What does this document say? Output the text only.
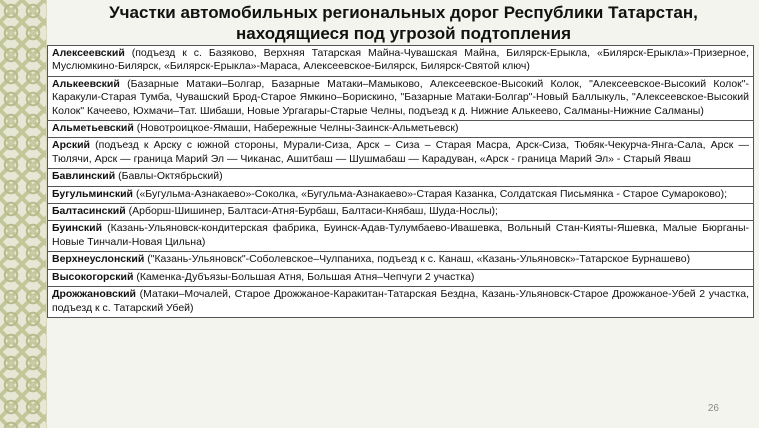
Участки автомобильных региональных дорог Республики Татарстан,
находящиеся под угрозой подтопления
Алексеевский (подъезд к с. Базяково, Верхняя Татарская Майна-Чувашская Майна, Билярск-Ерыкла, «Билярск-Ерыкла»-Призерное, Муслюмкино-Билярск, «Билярск-Ерыкла»-Мараса, Алексеевское-Билярск, Билярск-Святой ключ)
Алькеевский (Базарные Матаки–Болгар, Базарные Матаки–Мамыково, Алексеевское-Высокий Колок, "Алексеевское-Высокий Колок"-Каракули-Старая Тумба, Чувашский Брод-Старое Ямкино–Борискино, "Базарные Матаки-Болгар"-Новый Баллыкуль, "Алексеевское-Высокий Колок" Качеево, Юхмачи–Тат. Шибаши, Новые Ургагары-Старые Челны, подъезд к д. Нижние Алькеево, Салманы-Нижние Салманы)
Альметьевский (Новотроицкое-Ямаши, Набережные Челны-Заинск-Альметьевск)
Арский (подъезд к Арску с южной стороны, Мурали-Сиза, Арск – Сиза – Старая Масра, Арск-Сиза, Тюбяк-Чекурча-Янга-Сала, Арск — Тюлячи, Арск — граница Марий Эл — Чиканас, Ашитбаш — Шушмабаш — Карадуван, «Арск - граница Марий Эл» - Старый Яваш
Бавлинский (Бавлы-Октябрьский)
Бугульминский («Бугульма-Азнакаево»-Соколка, «Бугульма-Азнакаево»-Старая Казанка, Солдатская Письмянка - Старое Сумароково);
Балтасинский (Арборш-Шишинер, Балтаси-Атня-Бурбаш, Балтаси-Княбаш, Шуда-Нослы);
Буинский (Казань-Ульяновск-кондитерская фабрика, Буинск-Адав-Тулумбаево-Ивашевка, Вольный Стан-Кияты-Яшевка, Малые Бюрганы-Новые Тинчали-Новая Цильна)
Верхнеуслонский ("Казань-Ульяновск"-Соболевское–Чулпаниха, подъезд к с. Канаш, «Казань-Ульяновск»-Татарское Бурнашево)
Высокогорский (Каменка-Дубъязы-Большая Атня, Большая Атня–Чепчуги 2 участка)
Дрожжановский (Матаки–Мочалей, Старое Дрожжаное-Каракитан-Татарская Бездна, Казань-Ульяновск-Старое Дрожжаное-Убей 2 участка, подъезд к с. Татарский Убей)
26
